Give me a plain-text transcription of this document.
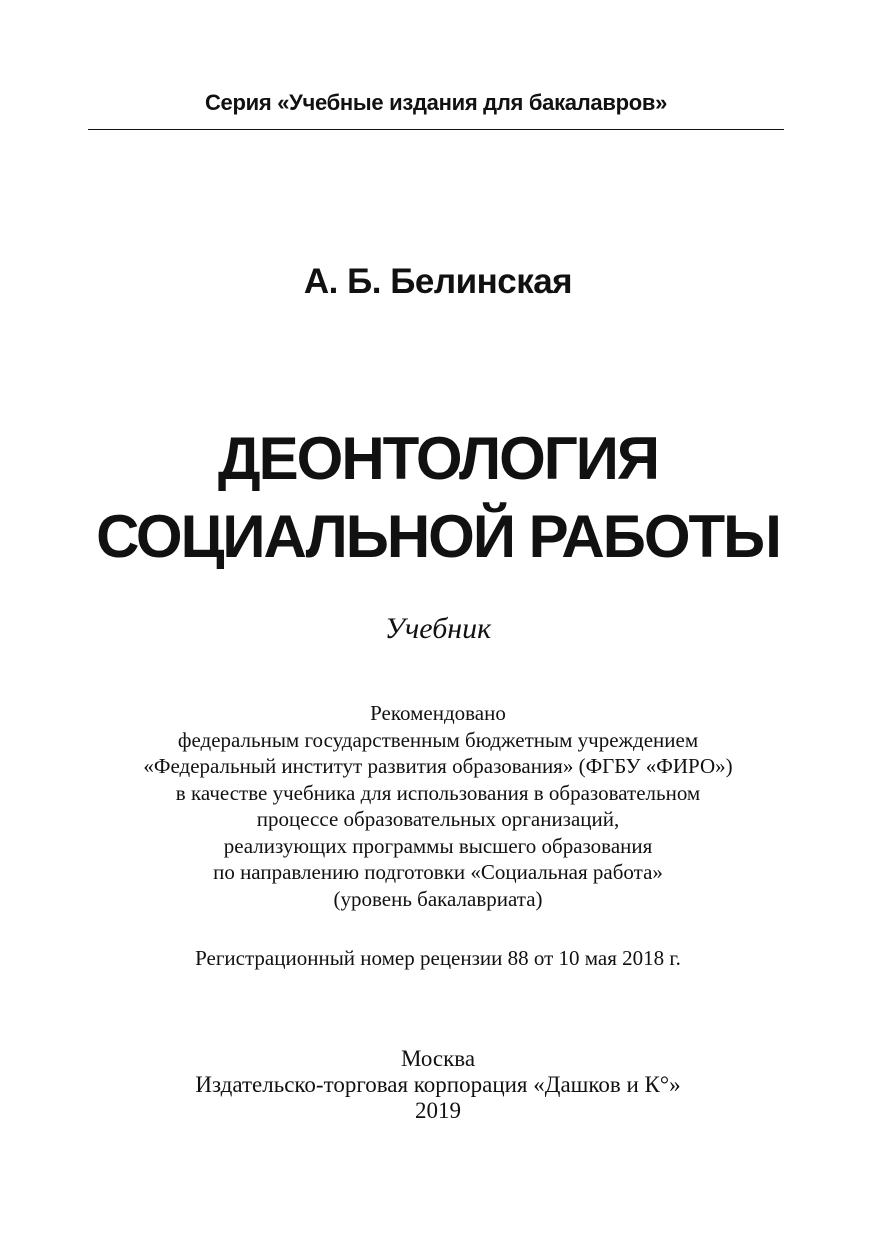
Серия «Учебные издания для бакалавров»
А. Б. Белинская
ДЕОНТОЛОГИЯ
СОЦИАЛЬНОЙ РАБОТЫ
Учебник
Рекомендовано
федеральным государственным бюджетным учреждением
«Федеральный институт развития образования» (ФГБУ «ФИРО»)
в качестве учебника для использования в образовательном
процессе образовательных организаций,
реализующих программы высшего образования
по направлению подготовки «Социальная работа»
(уровень бакалавриата)
Регистрационный номер рецензии 88 от 10 мая 2018 г.
Москва
Издательско-торговая корпорация «Дашков и К°»
2019
